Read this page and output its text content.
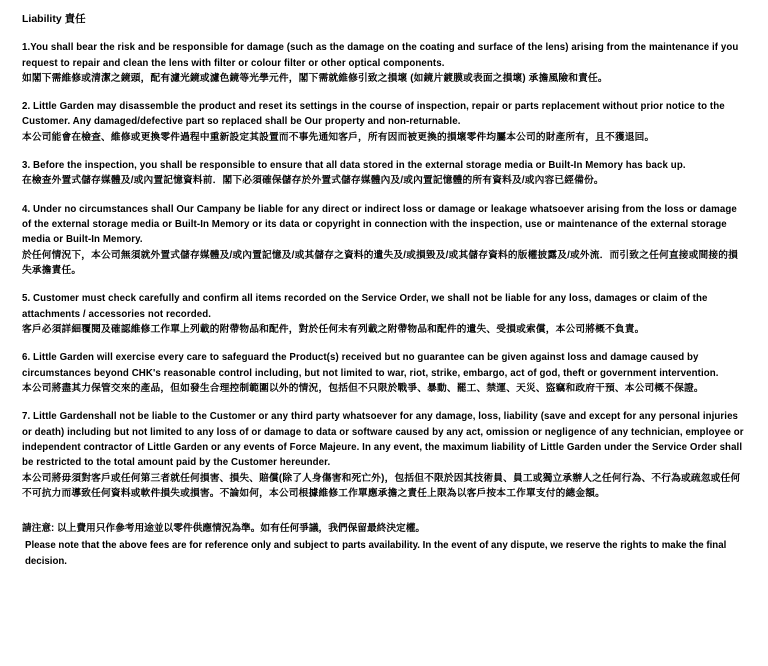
Liability 責任

1.You shall bear the risk and be responsible for damage (such as the damage on the coating and surface of the lens) arising from the maintenance if you request to repair and clean the lens with filter or colour filter or other optical components.

如閣下需維修或清潔之鏡頭，配有濾光鏡或濾色鏡等光學元件，閣下需就維修引致之損壞 (如鏡片鍍膜或表面之損壞) 承擔風險和責任。

2. Little Garden may disassemble the product and reset its settings in the course of inspection, repair or parts replacement without prior notice to the Customer. Any damaged/defective part so replaced shall be Our property and non-returnable.

本公司能會在檢查、維修或更換零件過程中重新設定其設置而不事先通知客戶，所有因而被更換的損壞零件均屬本公司的財產所有，且不獲退回。

3. Before the inspection, you shall be responsible to ensure that all data stored in the external storage media or Built-In Memory has back up.

在檢查外置式儲存媒體及/或內置記憶資料前．閣下必須確保儲存於外置式儲存媒體內及/或內置記憶體的所有資料及/或內容已經備份。

4. Under no circumstances shall Our Campany be liable for any direct or indirect loss or damage or leakage whatsoever arising from the loss or damage of the external storage media or Built-In Memory or its data or copyright in connection with the inspection, use or maintenance of the external storage media or Built-In Memory.

於任何情況下，本公司無須就外置式儲存媒體及/或內置記憶及/或其儲存之資料的遺失及/或損毀及/或其儲存資料的版權披露及/或外流．而引致之任何直接或間接的損失承擔責任。

5. Customer must check carefully and confirm all items recorded on the Service Order, we shall not be liable for any loss, damages or claim of the attachments / accessories not recorded.

客戶必須詳細覆閱及確認維修工作單上列載的附帶物品和配件，對於任何未有列載之附帶物品和配件的遺失、受損或索償，本公司將概不負責。

6. Little Garden will exercise every care to safeguard the Product(s) received but no guarantee can be given against loss and damage caused by circumstances beyond CHK's reasonable control including, but not limited to war, riot, strike, embargo, act of god, theft or government intervention.

本公司將盡其力保管交來的產品，但如發生合理控制範圍以外的情況，包括但不只限於戰爭、暴動、罷工、禁運、天災、盜竊和政府干預、本公司概不保證。

7. Little Gardenshall not be liable to the Customer or any third party whatsoever for any damage, loss, liability (save and except for any personal injuries or death) including but not limited to any loss of or damage to data or software caused by any act, omission or negligence of any technician, employee or independent contractor of Little Garden or any events of Force Majeure. In any event, the maximum liability of Little Garden under the Service Order shall be restricted to the total amount paid by the Customer hereunder.

本公司將毋須對客戶或任何第三者就任何損害、損失、賠償(除了人身傷害和死亡外)，包括但不限於因其技術員、員工或獨立承辦人之任何行為、不行為或疏忽或任何不可抗力而導致任何資料或軟件損失或損害。不論如何，本公司根據維修工作單應承擔之責任上限為以客戶按本工作單支付的總金額。

請注意: 以上費用只作參考用途並以零件供應情況為準。如有任何爭議，我們保留最終決定權。

Please note that the above fees are for reference only and subject to parts availability. In the event of any dispute, we reserve the rights to make the final decision.
